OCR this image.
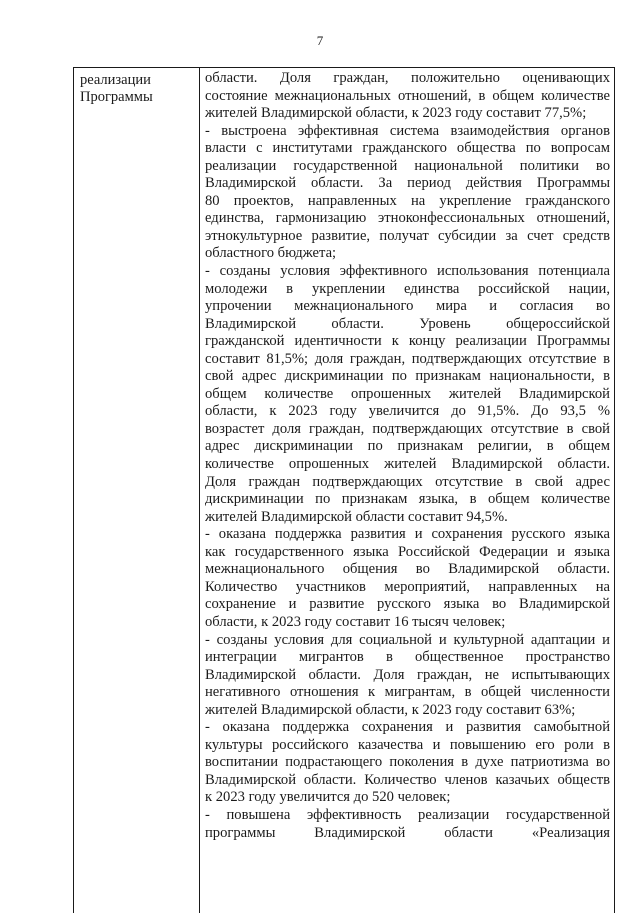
7
реализации
Программы
области. Доля граждан, положительно оценивающих
состояние межнациональных отношений, в общем количестве
жителей Владимирской области, к 2023 году составит 77,5%;
- выстроена эффективная система взаимодействия органов
власти с институтами гражданского общества по вопросам
реализации государственной национальной политики во
Владимирской области. За период действия Программы
80 проектов, направленных на укрепление гражданского
единства, гармонизацию этноконфессиональных отношений,
этнокультурное развитие, получат субсидии за счет средств
областного бюджета;
- созданы условия эффективного использования потенциала
молодежи в укреплении единства российской нации,
упрочении межнационального мира и согласия во
Владимирской области. Уровень общероссийской
гражданской идентичности к концу реализации Программы
составит 81,5%; доля граждан, подтверждающих отсутствие в
свой адрес дискриминации по признакам национальности, в
общем количестве опрошенных жителей Владимирской
области, к 2023 году увеличится до 91,5%. До 93,5 %
возрастет доля граждан, подтверждающих отсутствие в свой
адрес дискриминации по признакам религии, в общем
количестве опрошенных жителей Владимирской области.
Доля граждан подтверждающих отсутствие в свой адрес
дискриминации по признакам языка, в общем количестве
жителей Владимирской области составит 94,5%.
- оказана поддержка развития и сохранения русского языка
как государственного языка Российской Федерации и языка
межнационального общения во Владимирской области.
Количество участников мероприятий, направленных на
сохранение и развитие русского языка во Владимирской
области, к 2023 году составит 16 тысяч человек;
- созданы условия для социальной и культурной адаптации и
интеграции мигрантов в общественное пространство
Владимирской области. Доля граждан, не испытывающих
негативного отношения к мигрантам, в общей численности
жителей Владимирской области, к 2023 году составит 63%;
- оказана поддержка сохранения и развития самобытной
культуры российского казачества и повышению его роли в
воспитании подрастающего поколения в духе патриотизма во
Владимирской области. Количество членов казачьих обществ
к 2023 году увеличится до 520 человек;
- повышена эффективность реализации государственной
программы Владимирской области «Реализация
